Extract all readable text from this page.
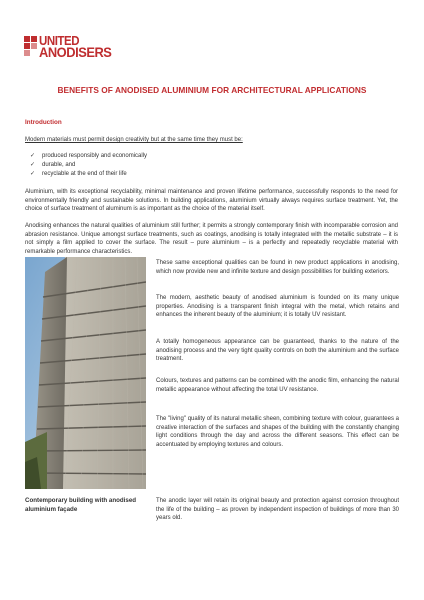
UNITED
ANODISERS
BENEFITS OF ANODISED ALUMINIUM FOR ARCHITECTURAL APPLICATIONS
Introduction
Modern materials must permit design creativity but at the same time they must be:
✓	produced responsibly and economically
✓	durable, and
✓	recyclable at the end of their life

Aluminium, with its exceptional recyclability, minimal maintenance and proven lifetime performance, successfully responds to the need for environmentally friendly and sustainable solutions. In building applications, aluminium virtually always requires surface treatment. Yet, the choice of surface treatment of aluminum is as important as the choice of the material itself.

Anodising enhances the natural qualities of aluminium still further; it permits a strongly contemporary finish with incomparable corrosion and abrasion resistance. Unique amongst surface treatments, such as coatings, anodising is totally integrated with the metallic substrate – it is not simply a film applied to cover the surface. The result – pure aluminium – is a perfectly and repeatedly recyclable material with remarkable performance characteristics.

Contemporary building with anodised aluminium façade

These same exceptional qualities can be found in new product applications in anodising, which now provide new and infinite texture and design possibilities for building exteriors.

The modern, aesthetic beauty of anodised aluminium is founded on its many unique properties. Anodising is a transparent finish integral with the metal, which retains and enhances the inherent beauty of the aluminium; it is totally UV resistant.

A totally homogeneous appearance can be guaranteed, thanks to the nature of the anodising process and the very tight quality controls on both the aluminium and the surface treatment.

Colours, textures and patterns can be combined with the anodic film, enhancing the natural metallic appearance without affecting the total UV resistance.

The "living" quality of its natural metallic sheen, combining texture with colour, guarantees a creative interaction of the surfaces and shapes of the building with the constantly changing light conditions through the day and across the different seasons. This effect can be accentuated by employing textures and colours.

The anodic layer will retain its original beauty and protection against corrosion throughout the life of the building – as proven by independent inspection of buildings of more than 30 years old.
